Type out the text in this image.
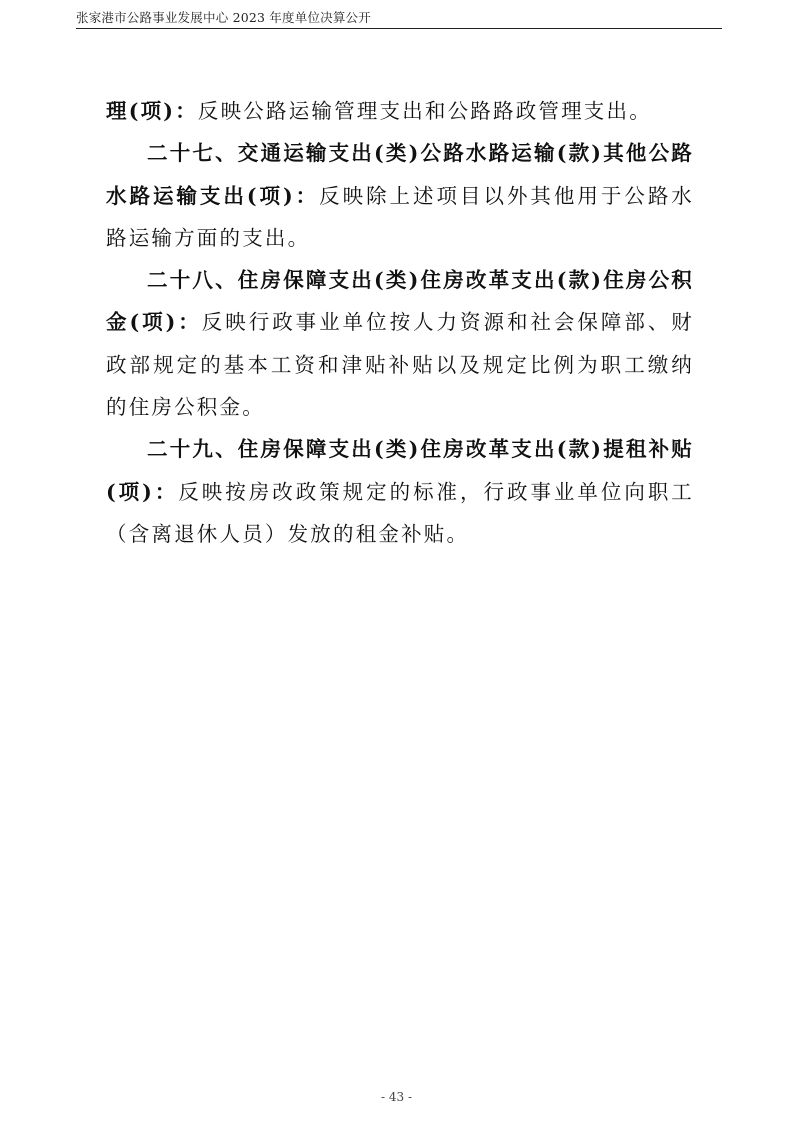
张家港市公路事业发展中心 2023 年度单位决算公开

理(项)：反映公路运输管理支出和公路路政管理支出。

二十七、交通运输支出(类)公路水路运输(款)其他公路水路运输支出(项)：反映除上述项目以外其他用于公路水路运输方面的支出。

二十八、住房保障支出(类)住房改革支出(款)住房公积金(项)：反映行政事业单位按人力资源和社会保障部、财政部规定的基本工资和津贴补贴以及规定比例为职工缴纳的住房公积金。

二十九、住房保障支出(类)住房改革支出(款)提租补贴(项)：反映按房改政策规定的标准，行政事业单位向职工（含离退休人员）发放的租金补贴。

- 43 -
